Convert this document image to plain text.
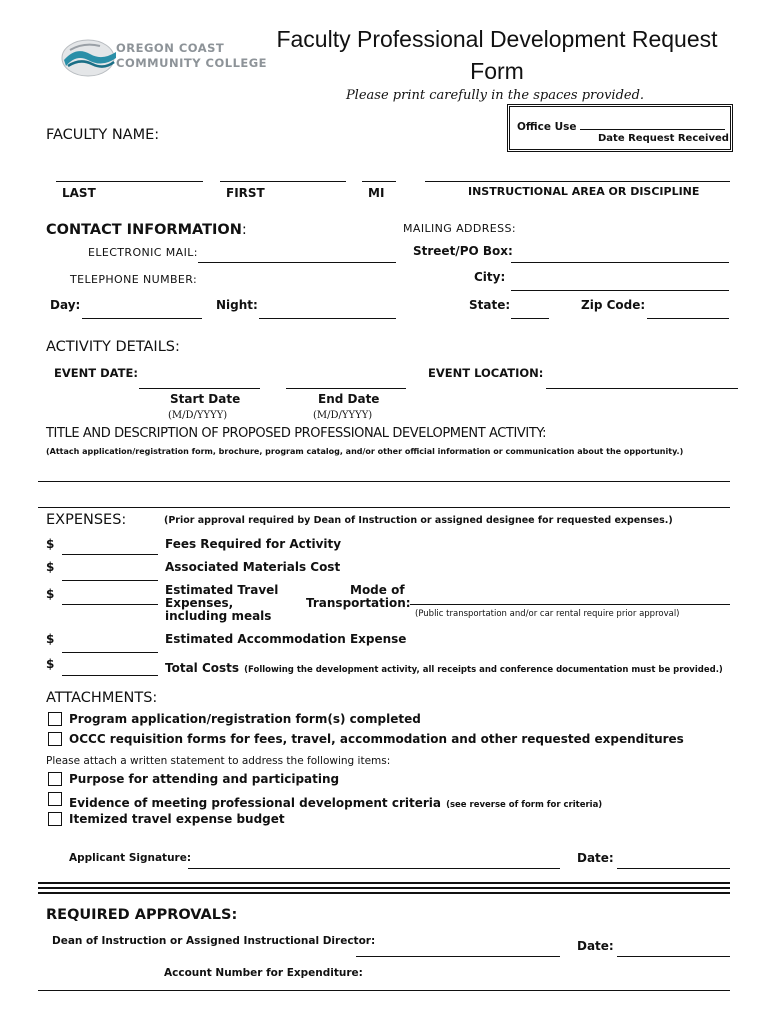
OREGON COAST
COMMUNITY COLLEGE
Faculty Professional Development Request
Form
Please print carefully in the spaces provided.
Office Use
Date Request Received
FACULTY NAME:
LAST	FIRST	MI	INSTRUCTIONAL AREA OR DISCIPLINE
CONTACT INFORMATION:	MAILING ADDRESS:
ELECTRONIC MAIL:	Street/PO Box:
TELEPHONE NUMBER:	City:
Day:	Night:	State:	Zip Code:
ACTIVITY DETAILS:
EVENT DATE:	EVENT LOCATION:
Start Date	End Date
(M/D/YYYY)	(M/D/YYYY)
TITLE AND DESCRIPTION OF PROPOSED PROFESSIONAL DEVELOPMENT ACTIVITY:
(Attach application/registration form, brochure, program catalog, and/or other official information or communication about the opportunity.)
EXPENSES:	(Prior approval required by Dean of Instruction or assigned designee for requested expenses.)
$	Fees Required for Activity
$	Associated Materials Cost
$	Estimated Travel
Expenses,
including meals
Mode of
Transportation:
(Public transportation and/or car rental require prior approval)
$	Estimated Accommodation Expense
$	Total Costs (Following the development activity, all receipts and conference documentation must be provided.)
ATTACHMENTS:
Program application/registration form(s) completed
OCCC requisition forms for fees, travel, accommodation and other requested expenditures
Please attach a written statement to address the following items:
Purpose for attending and participating
Evidence of meeting professional development criteria (see reverse of form for criteria)
Itemized travel expense budget
Applicant Signature:	Date:
REQUIRED APPROVALS:
Dean of Instruction or Assigned Instructional Director:	Date:
Account Number for Expenditure:
